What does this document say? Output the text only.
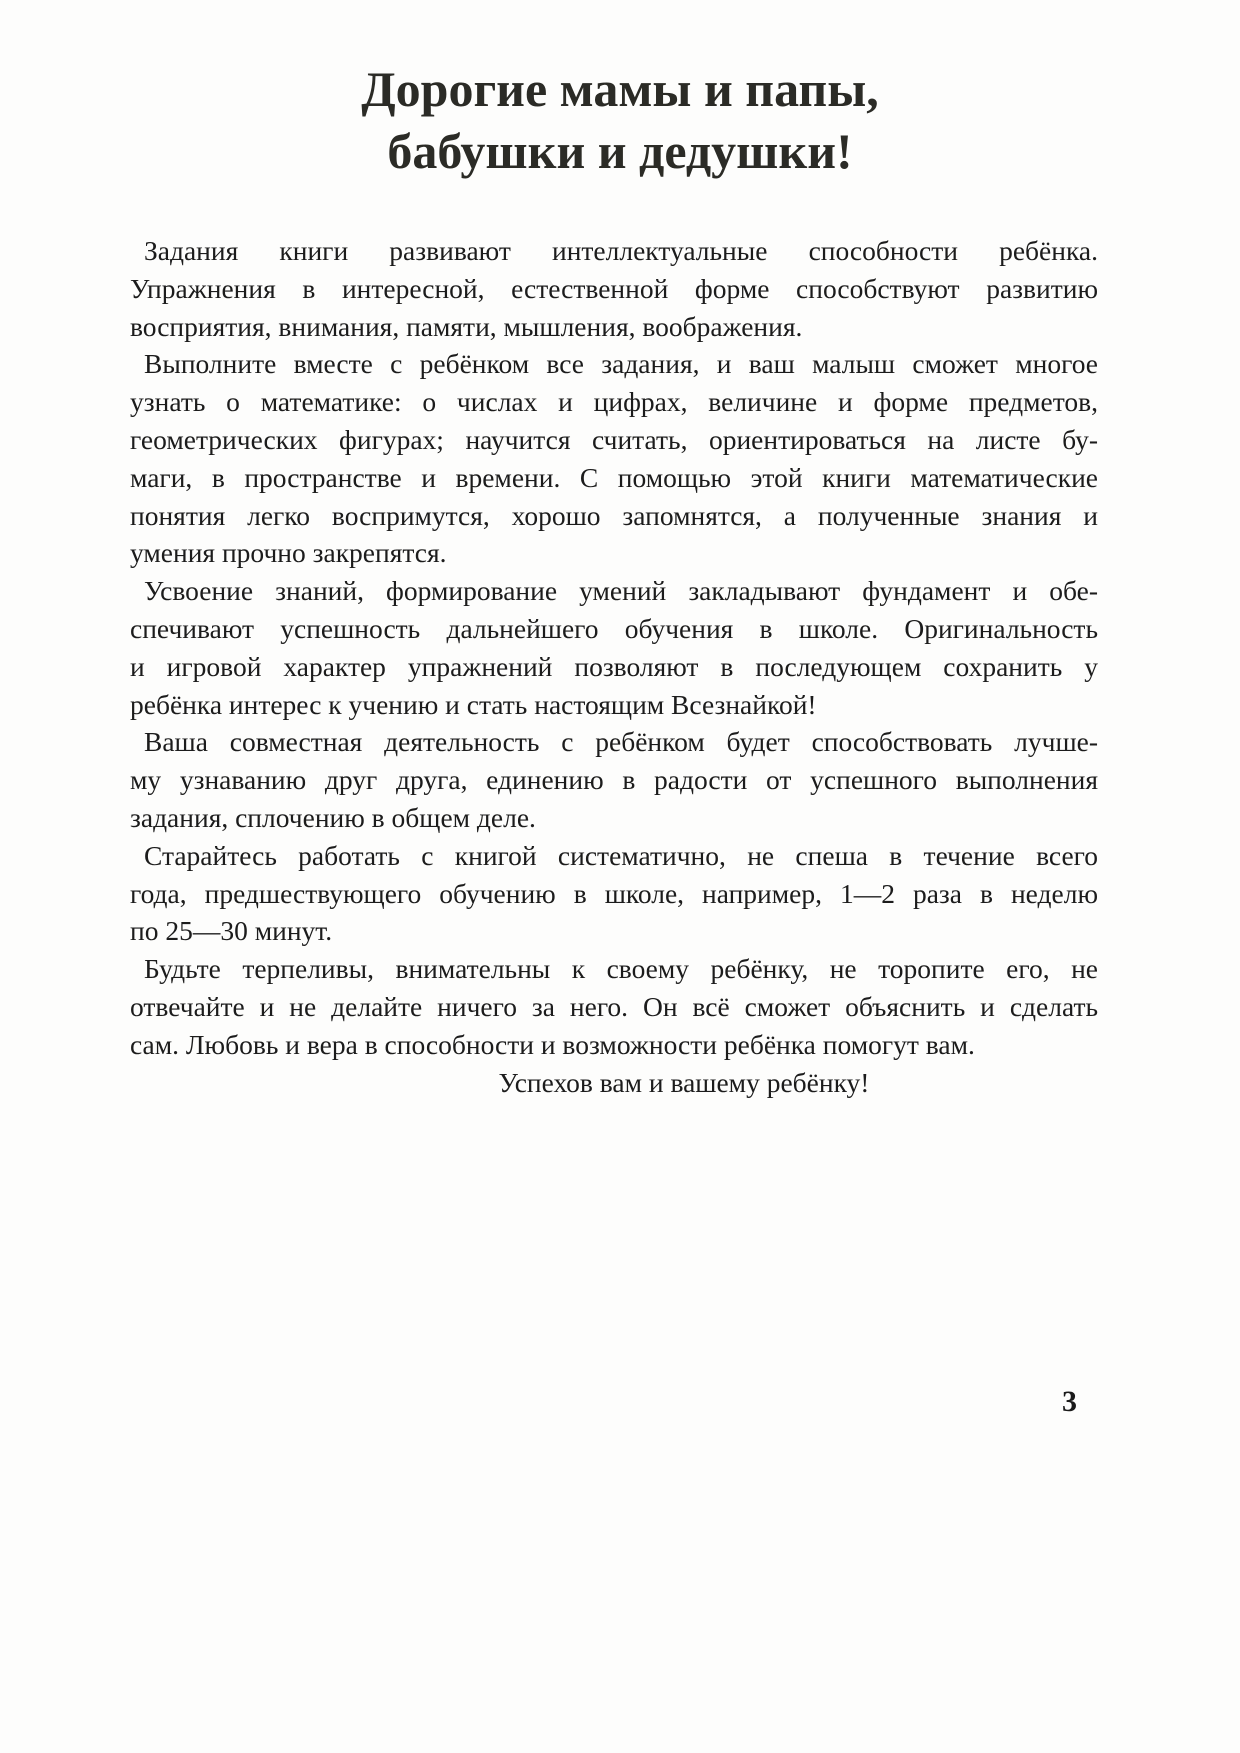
Дорогие мамы и папы,
бабушки и дедушки!

Задания книги развивают интеллектуальные способности ребёнка.
Упражнения в интересной, естественной форме способствуют развитию
восприятия, внимания, памяти, мышления, воображения.

Выполните вместе с ребёнком все задания, и ваш малыш сможет многое
узнать о математике: о числах и цифрах, величине и форме предметов,
геометрических фигурах; научится считать, ориентироваться на листе бу-
маги, в пространстве и времени. С помощью этой книги математические
понятия легко воспримутся, хорошо запомнятся, а полученные знания и
умения прочно закрепятся.

Усвоение знаний, формирование умений закладывают фундамент и обе-
спечивают успешность дальнейшего обучения в школе. Оригинальность
и игровой характер упражнений позволяют в последующем сохранить у
ребёнка интерес к учению и стать настоящим Всезнайкой!

Ваша совместная деятельность с ребёнком будет способствовать лучше-
му узнаванию друг друга, единению в радости от успешного выполнения
задания, сплочению в общем деле.

Старайтесь работать с книгой систематично, не спеша в течение всего
года, предшествующего обучению в школе, например, 1—2 раза в неделю
по 25—30 минут.

Будьте терпеливы, внимательны к своему ребёнку, не торопите его, не
отвечайте и не делайте ничего за него. Он всё сможет объяснить и сделать
сам. Любовь и вера в способности и возможности ребёнка помогут вам.

Успехов вам и вашему ребёнку!
3
